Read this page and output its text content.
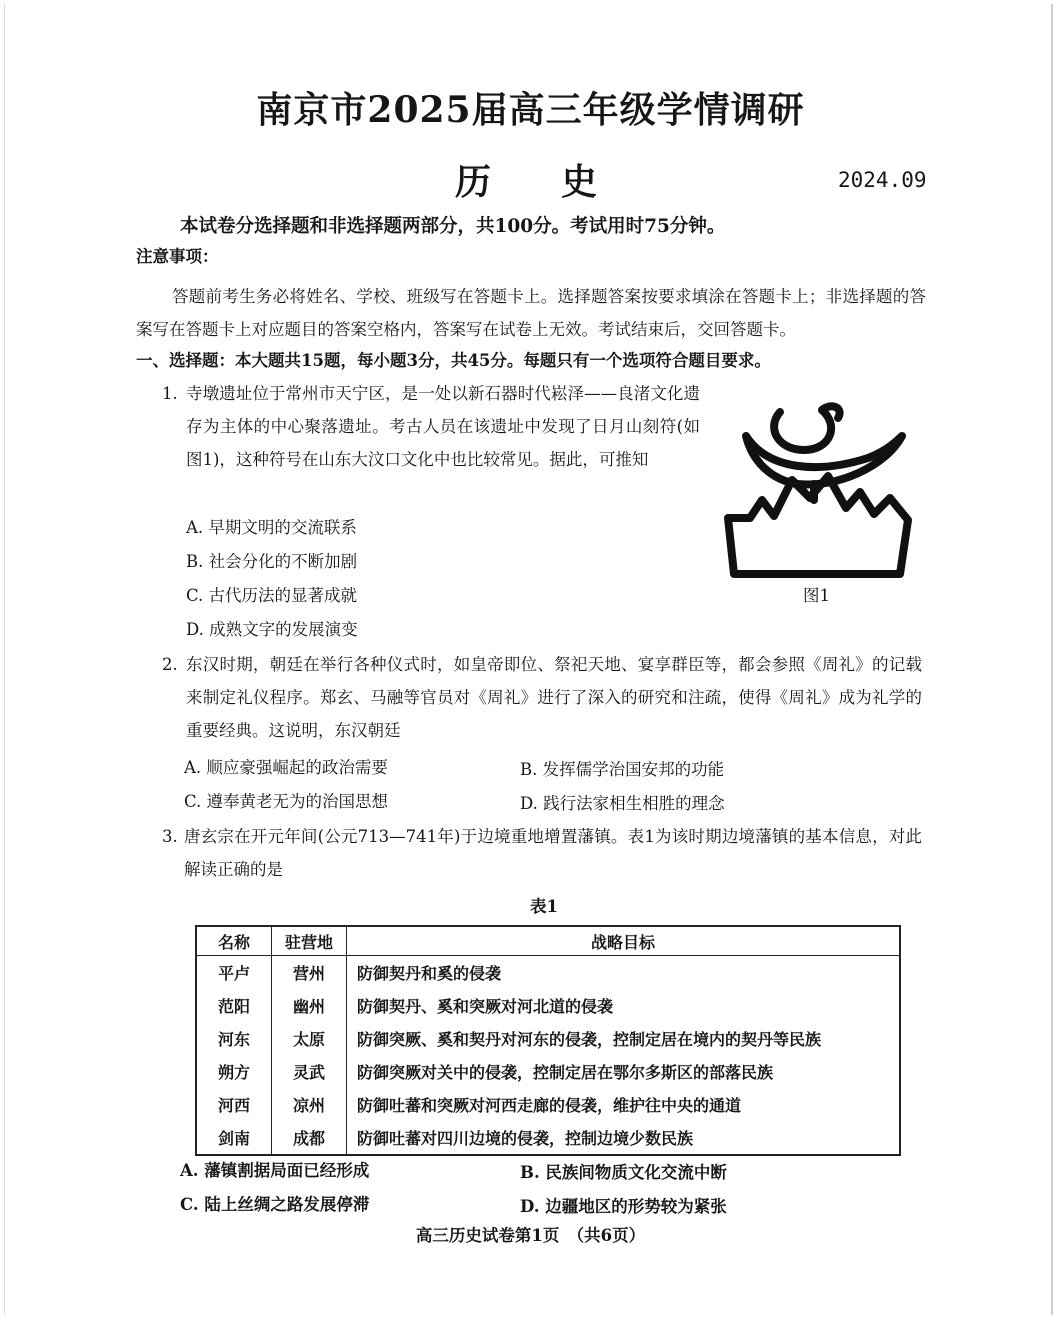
南京市2025届高三年级学情调研
历史	2024.09
本试卷分选择题和非选择题两部分，共100分。考试用时75分钟。
注意事项：
答题前考生务必将姓名、学校、班级写在答题卡上。选择题答案按要求填涂在答题卡上；非选择题的答案写在答题卡上对应题目的答案空格内，答案写在试卷上无效。考试结束后，交回答题卡。
一、选择题：本大题共15题，每小题3分，共45分。每题只有一个选项符合题目要求。
1. 寺墩遗址位于常州市天宁区，是一处以新石器时代崧泽——良渚文化遗存为主体的中心聚落遗址。考古人员在该遗址中发现了日月山刻符(如图1)，这种符号在山东大汶口文化中也比较常见。据此，可推知
A. 早期文明的交流联系
B. 社会分化的不断加剧
C. 古代历法的显著成就
D. 成熟文字的发展演变
图1
2. 东汉时期，朝廷在举行各种仪式时，如皇帝即位、祭祀天地、宴享群臣等，都会参照《周礼》的记载来制定礼仪程序。郑玄、马融等官员对《周礼》进行了深入的研究和注疏，使得《周礼》成为礼学的重要经典。这说明，东汉朝廷
A. 顺应豪强崛起的政治需要	B. 发挥儒学治国安邦的功能
C. 遵奉黄老无为的治国思想	D. 践行法家相生相胜的理念
3. 唐玄宗在开元年间(公元713—741年)于边境重地增置藩镇。表1为该时期边境藩镇的基本信息，对此解读正确的是
表1
名称	驻营地	战略目标
平卢	营州	防御契丹和奚的侵袭
范阳	幽州	防御契丹、奚和突厥对河北道的侵袭
河东	太原	防御突厥、奚和契丹对河东的侵袭，控制定居在境内的契丹等民族
朔方	灵武	防御突厥对关中的侵袭，控制定居在鄂尔多斯区的部落民族
河西	凉州	防御吐蕃和突厥对河西走廊的侵袭，维护往中央的通道
剑南	成都	防御吐蕃对四川边境的侵袭，控制边境少数民族
A. 藩镇割据局面已经形成	B. 民族间物质文化交流中断
C. 陆上丝绸之路发展停滞	D. 边疆地区的形势较为紧张
高三历史试卷第1页　（共6页）
